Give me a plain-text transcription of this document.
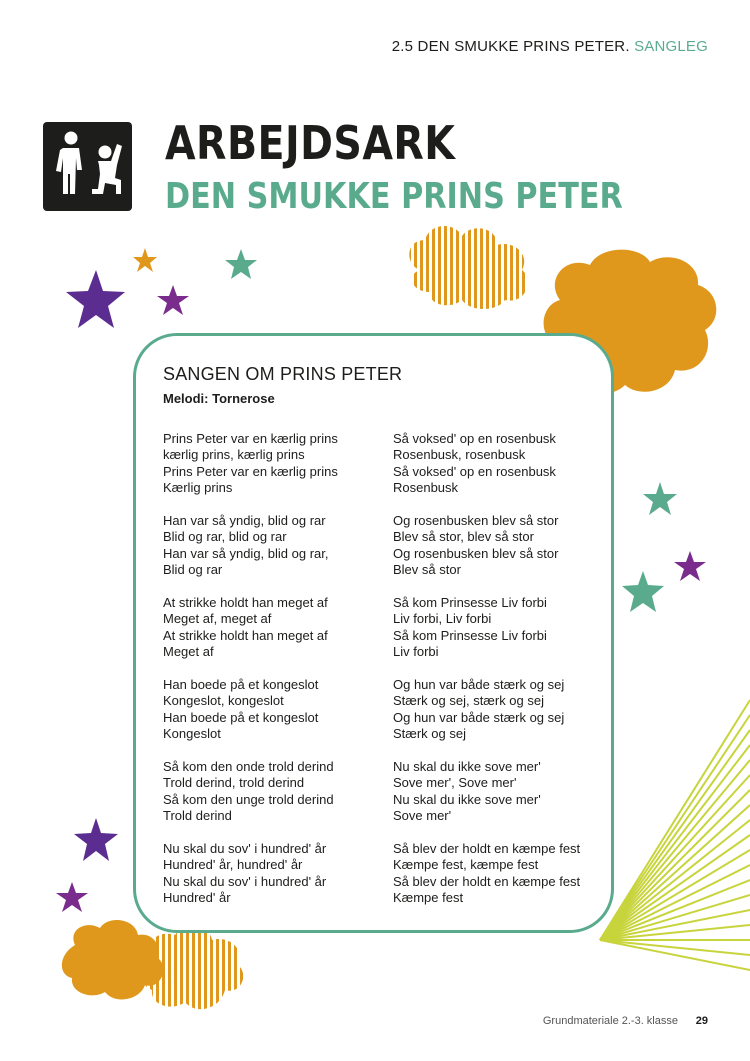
2.5 DEN SMUKKE PRINS PETER. SANGLEG
ARBEJDSARK
DEN SMUKKE PRINS PETER
SANGEN OM PRINS PETER
Melodi: Tornerose
Prins Peter var en kærlig prins
kærlig prins, kærlig prins
Prins Peter var en kærlig prins
Kærlig prins
Han var så yndig, blid og rar
Blid og rar, blid og rar
Han var så yndig, blid og rar,
Blid og rar
At strikke holdt han meget af
Meget af, meget af
At strikke holdt han meget af
Meget af
Han boede på et kongeslot
Kongeslot, kongeslot
Han boede på et kongeslot
Kongeslot
Så kom den onde trold derind
Trold derind, trold derind
Så kom den unge trold derind
Trold derind
Nu skal du sov' i hundred' år
Hundred' år, hundred' år
Nu skal du sov' i hundred' år
Hundred' år
Så voksed' op en rosenbusk
Rosenbusk, rosenbusk
Så voksed' op en rosenbusk
Rosenbusk
Og rosenbusken blev så stor
Blev så stor, blev så stor
Og rosenbusken blev så stor
Blev så stor
Så kom Prinsesse Liv forbi
Liv forbi, Liv forbi
Så kom Prinsesse Liv forbi
Liv forbi
Og hun var både stærk og sej
Stærk og sej, stærk og sej
Og hun var både stærk og sej
Stærk og sej
Nu skal du ikke sove mer'
Sove mer', Sove mer'
Nu skal du ikke sove mer'
Sove mer'
Så blev der holdt en kæmpe fest
Kæmpe fest, kæmpe fest
Så blev der holdt en kæmpe fest
Kæmpe fest
Grundmateriale 2.-3. klasse 29
